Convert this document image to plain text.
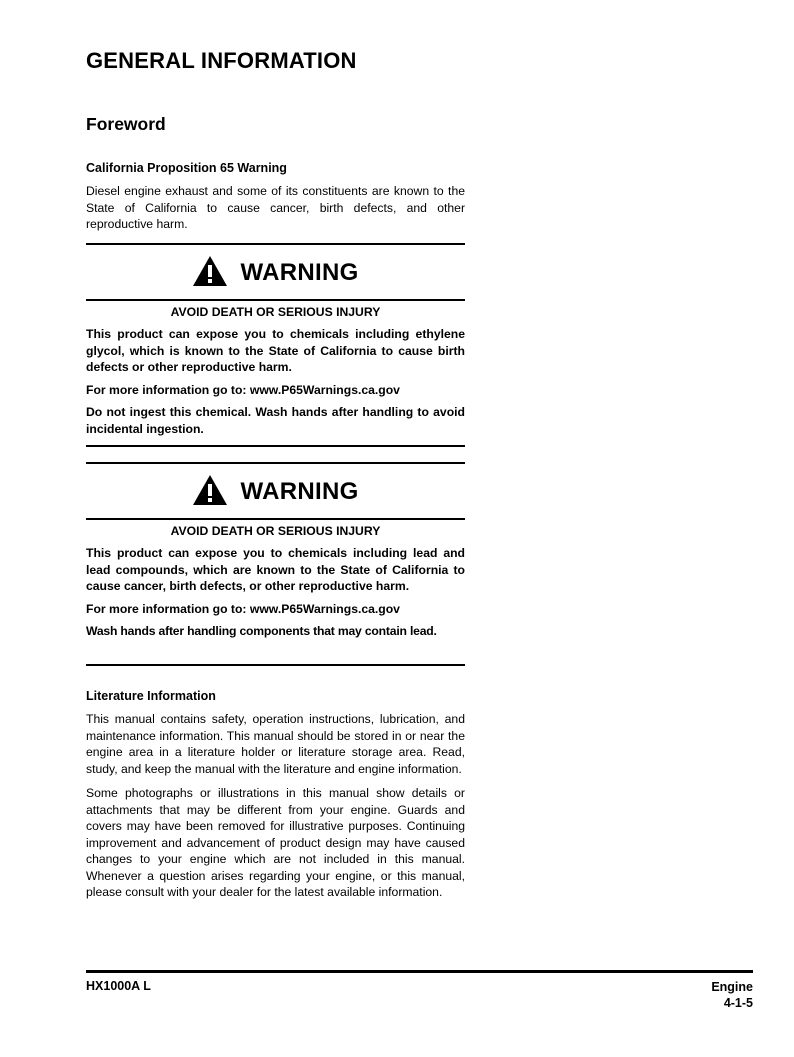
GENERAL INFORMATION
Foreword

California Proposition 65 Warning

Diesel engine exhaust and some of its constituents are known to the State of California to cause cancer, birth defects, and other reproductive harm.

WARNING

AVOID DEATH OR SERIOUS INJURY

This product can expose you to chemicals including ethylene glycol, which is known to the State of California to cause birth defects or other reproductive harm.

For more information go to: www.P65Warnings.ca.gov

Do not ingest this chemical. Wash hands after handling to avoid incidental ingestion.

WARNING

AVOID DEATH OR SERIOUS INJURY

This product can expose you to chemicals including lead and lead compounds, which are known to the State of California to cause cancer, birth defects, or other reproductive harm.

For more information go to: www.P65Warnings.ca.gov

Wash hands after handling components that may contain lead.

Literature Information

This manual contains safety, operation instructions, lubrication, and maintenance information. This manual should be stored in or near the engine area in a literature holder or literature storage area. Read, study, and keep the manual with the literature and engine information.

Some photographs or illustrations in this manual show details or attachments that may be different from your engine. Guards and covers may have been removed for illustrative purposes. Continuing improvement and advancement of product design may have caused changes to your engine which are not included in this manual. Whenever a question arises regarding your engine, or this manual, please consult with your dealer for the latest available information.

HX1000A L	Engine
4-1-5
